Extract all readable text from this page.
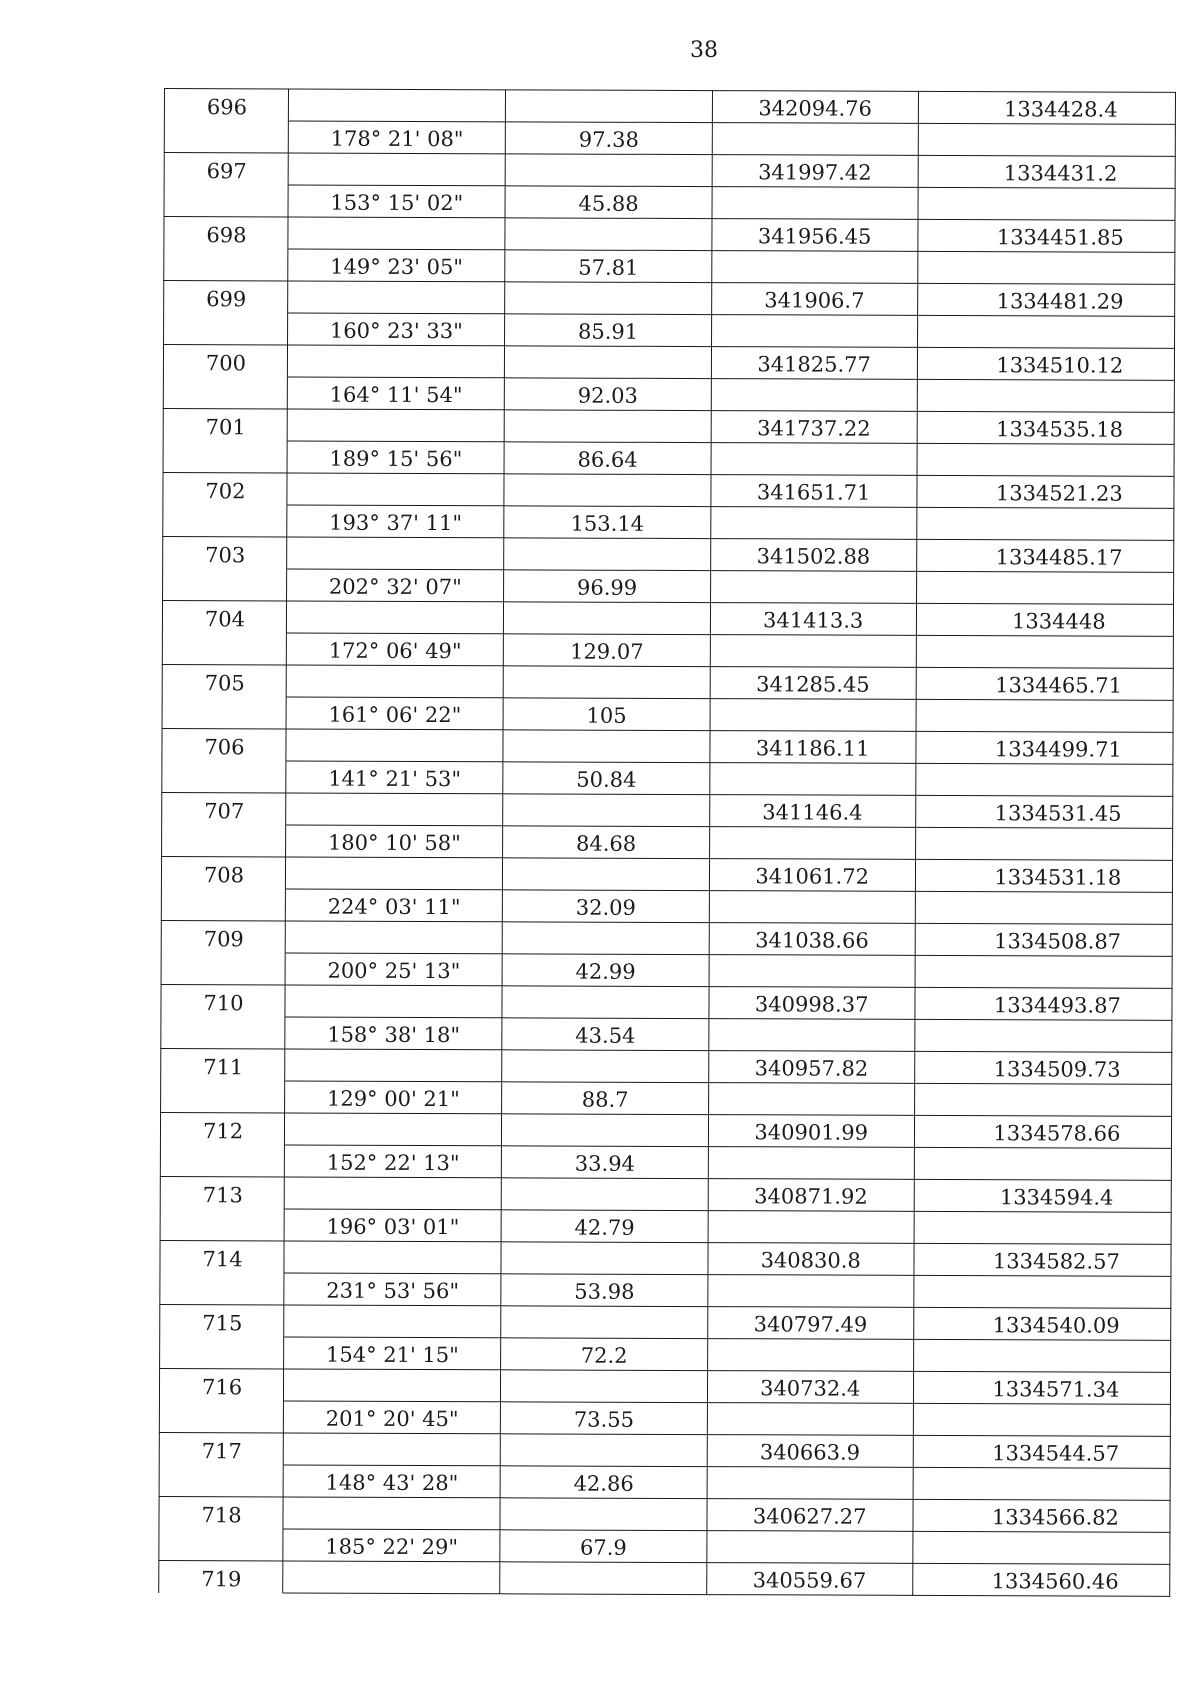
38
696			342094.76	1334428.4
	178° 21' 08"	97.38		
697			341997.42	1334431.2
	153° 15' 02"	45.88		
698			341956.45	1334451.85
	149° 23' 05"	57.81		
699			341906.7	1334481.29
	160° 23' 33"	85.91		
700			341825.77	1334510.12
	164° 11' 54"	92.03		
701			341737.22	1334535.18
	189° 15' 56"	86.64		
702			341651.71	1334521.23
	193° 37' 11"	153.14		
703			341502.88	1334485.17
	202° 32' 07"	96.99		
704			341413.3	1334448
	172° 06' 49"	129.07		
705			341285.45	1334465.71
	161° 06' 22"	105		
706			341186.11	1334499.71
	141° 21' 53"	50.84		
707			341146.4	1334531.45
	180° 10' 58"	84.68		
708			341061.72	1334531.18
	224° 03' 11"	32.09		
709			341038.66	1334508.87
	200° 25' 13"	42.99		
710			340998.37	1334493.87
	158° 38' 18"	43.54		
711			340957.82	1334509.73
	129° 00' 21"	88.7		
712			340901.99	1334578.66
	152° 22' 13"	33.94		
713			340871.92	1334594.4
	196° 03' 01"	42.79		
714			340830.8	1334582.57
	231° 53' 56"	53.98		
715			340797.49	1334540.09
	154° 21' 15"	72.2		
716			340732.4	1334571.34
	201° 20' 45"	73.55		
717			340663.9	1334544.57
	148° 43' 28"	42.86		
718			340627.27	1334566.82
	185° 22' 29"	67.9		
719			340559.67	1334560.46
